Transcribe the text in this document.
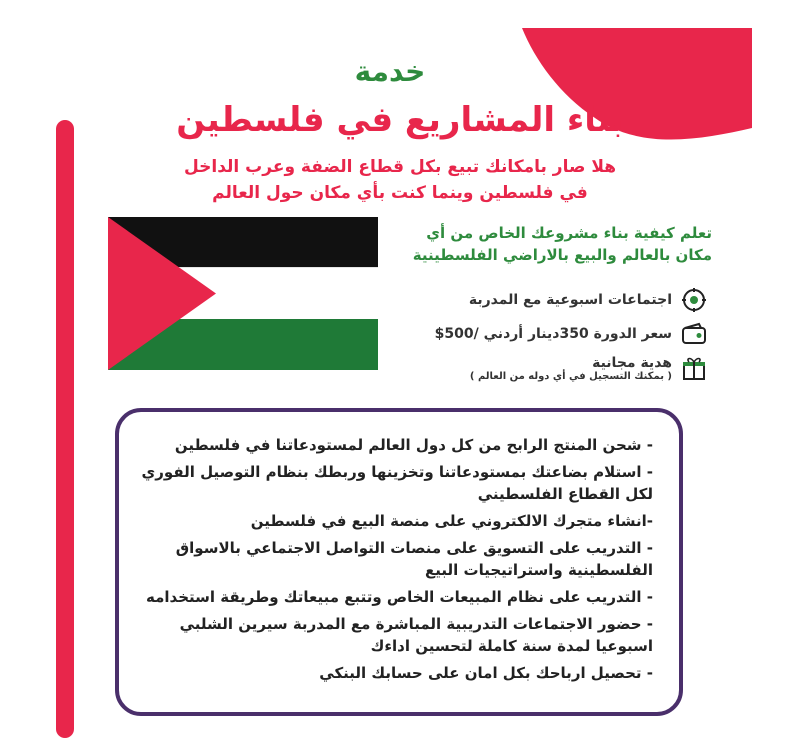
خدمة
بناء المشاريع في فلسطين
هلا صار بامكانك تبيع بكل قطاع الضفة وعرب الداخل
في فلسطين وينما كنت بأي مكان حول العالم
تعلم كيفية بناء مشروعك الخاص من أي
مكان بالعالم والبيع بالاراضي الفلسطينية
اجتماعات اسبوعية مع المدربة
سعر الدورة 350دينار أردني /500$
هدية مجانية
( بمكنك التسجيل في أي دوله من العالم )
- شحن المنتج الرابح من كل دول العالم لمستودعاتنا في فلسطين
- استلام بضاعتك بمستودعاتنا وتخزينها وربطك بنظام التوصيل الفوري لكل القطاع الفلسطيني
-انشاء متجرك الالكتروني على منصة البيع في فلسطين
- التدريب على التسويق على منصات التواصل الاجتماعي بالاسواق الفلسطينية واستراتيجيات البيع
- التدريب على نظام المبيعات الخاص وتتبع مبيعاتك وطريقة استخدامه
- حضور الاجتماعات التدريبية المباشرة مع المدربة سيرين الشلبي اسبوعيا لمدة سنة كاملة لتحسين اداءك
- تحصيل ارباحك بكل امان على حسابك البنكي
